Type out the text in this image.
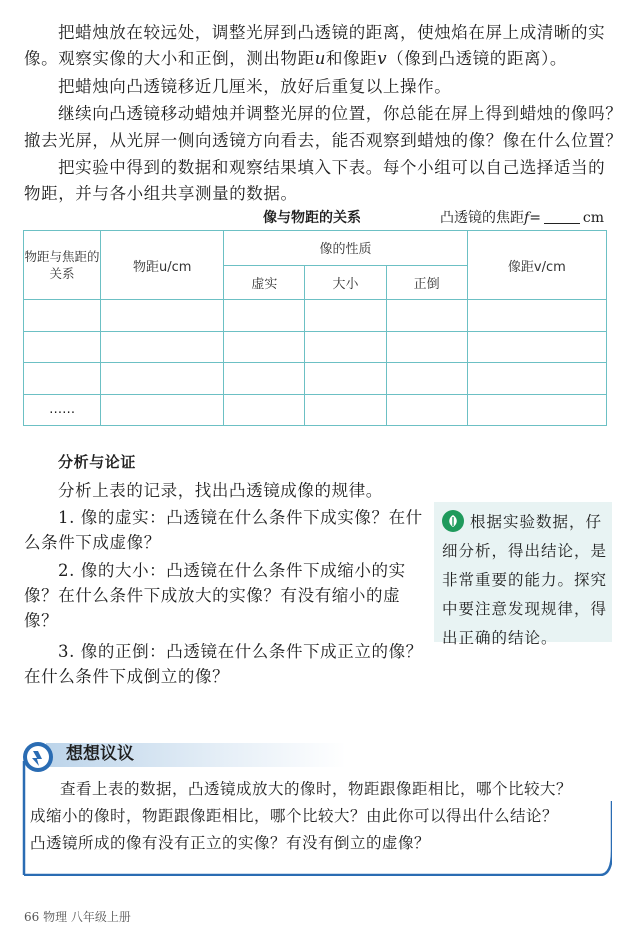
把蜡烛放在较远处，调整光屏到凸透镜的距离，使烛焰在屏上成清晰的实
像。观察实像的大小和正倒，测出物距u和像距v（像到凸透镜的距离）。
把蜡烛向凸透镜移近几厘米，放好后重复以上操作。
继续向凸透镜移动蜡烛并调整光屏的位置，你总能在屏上得到蜡烛的像吗？
撤去光屏，从光屏一侧向透镜方向看去，能否观察到蜡烛的像？像在什么位置？
把实验中得到的数据和观察结果填入下表。每个小组可以自己选择适当的
物距，并与各小组共享测量的数据。
像与物距的关系	凸透镜的焦距f=	cm
物距与焦距的关系	物距u/cm	像的性质			像距v/cm
		虚实	大小	正倒	

……					
分析与论证
分析上表的记录，找出凸透镜成像的规律。
1. 像的虚实：凸透镜在什么条件下成实像？在什么条件下成虚像？
2. 像的大小：凸透镜在什么条件下成缩小的实像？在什么条件下成放大的实像？有没有缩小的虚像？
3. 像的正倒：凸透镜在什么条件下成正立的像？在什么条件下成倒立的像？
根据实验数据，仔细分析，得出结论，是非常重要的能力。探究中要注意发现规律，得出正确的结论。
想想议议
查看上表的数据，凸透镜成放大的像时，物距跟像距相比，哪个比较大？
成缩小的像时，物距跟像距相比，哪个比较大？由此你可以得出什么结论？
凸透镜所成的像有没有正立的实像？有没有倒立的虚像？
66 物理 八年级上册
